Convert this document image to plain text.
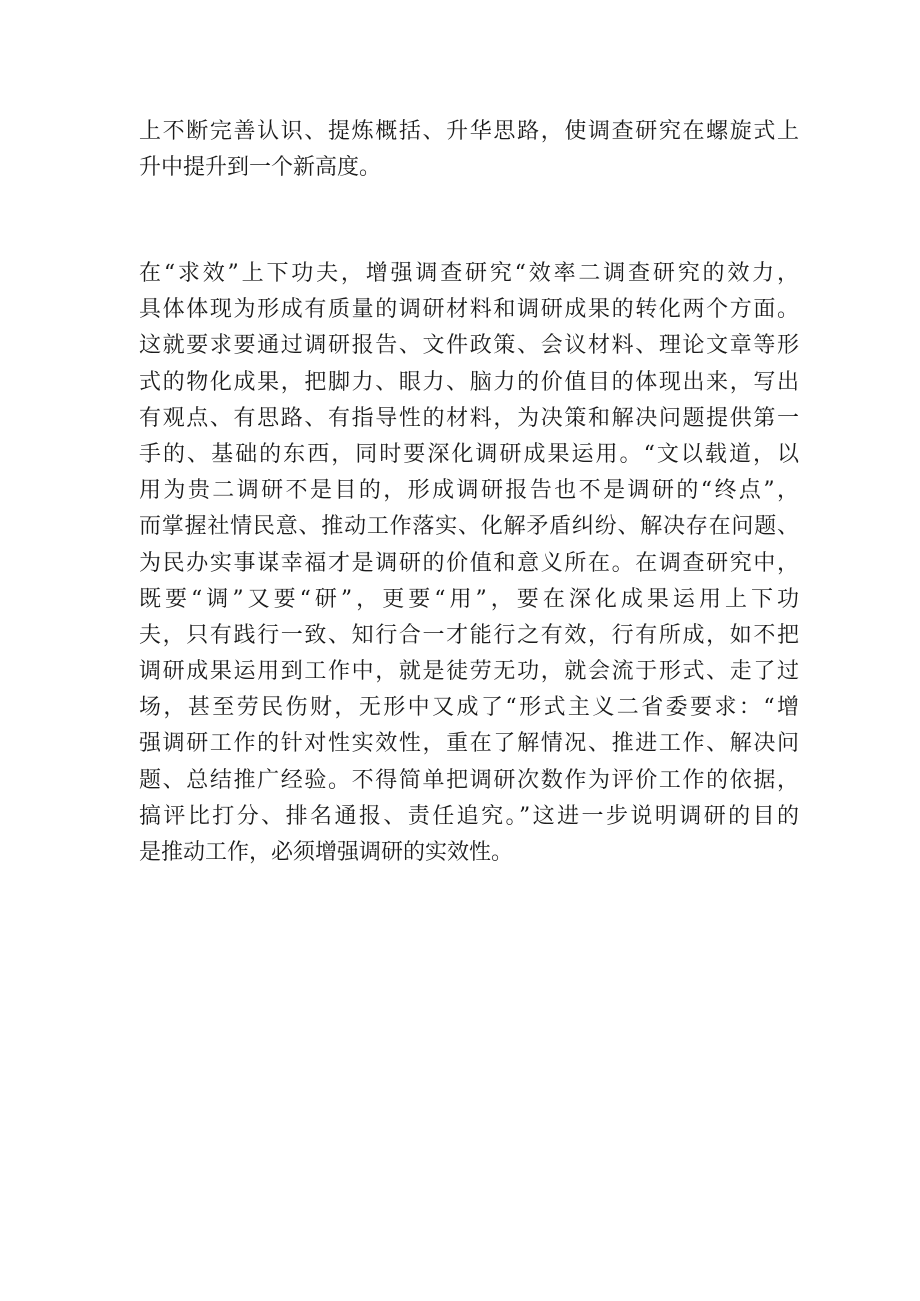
上不断完善认识、提炼概括、升华思路，使调查研究在螺旋式上
升中提升到一个新高度。
在“求效”上下功夫，增强调查研究“效率二调查研究的效力，
具体体现为形成有质量的调研材料和调研成果的转化两个方面。
这就要求要通过调研报告、文件政策、会议材料、理论文章等形
式的物化成果，把脚力、眼力、脑力的价值目的体现出来，写出
有观点、有思路、有指导性的材料，为决策和解决问题提供第一
手的、基础的东西，同时要深化调研成果运用。“文以载道，以
用为贵二调研不是目的，形成调研报告也不是调研的“终点”，
而掌握社情民意、推动工作落实、化解矛盾纠纷、解决存在问题、
为民办实事谋幸福才是调研的价值和意义所在。在调查研究中，
既要“调”又要“研”，更要“用”，要在深化成果运用上下功
夫，只有践行一致、知行合一才能行之有效，行有所成，如不把
调研成果运用到工作中，就是徒劳无功，就会流于形式、走了过
场，甚至劳民伤财，无形中又成了“形式主义二省委要求：“增
强调研工作的针对性实效性，重在了解情况、推进工作、解决问
题、总结推广经验。不得简单把调研次数作为评价工作的依据，
搞评比打分、排名通报、责任追究。”这进一步说明调研的目的
是推动工作，必须增强调研的实效性。
